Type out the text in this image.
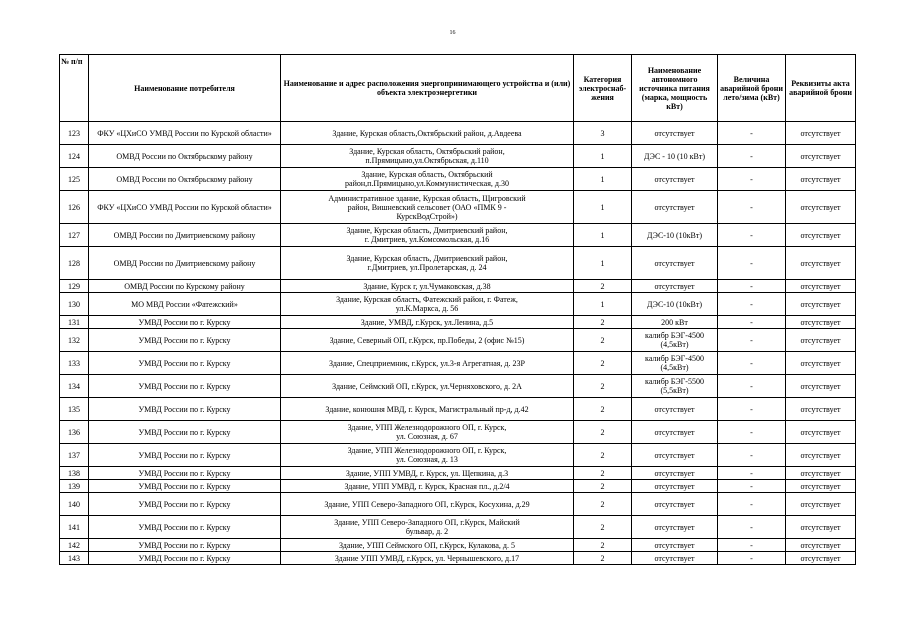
16
№ п/п	Наименование потребителя	Наименование и адрес расположения энергопринимающего устройства и (или) объекта электроэнергетики	Категория электроснаб-жения	Наименование автономного источника питания (марка, мощность кВт)	Величина аварийной брони лето/зима (кВт)	Реквизиты акта аварийной брони
123	ФКУ «ЦХиСО УМВД России по Курской области»	Здание, Курская область,Октябрьский район, д.Авдеева	3	отсутствует	-	отсутствует
124	ОМВД России по Октябрьскому району	Здание, Курская область, Октябрьский район,
п.Прямицыно,ул.Октябрьская, д.110	1	ДЭС - 10 (10 кВт)	-	отсутствует
125	ОМВД России по Октябрьскому району	Здание, Курская область, Октябрьский
район,п.Прямицыно,ул.Коммунистическая, д.30	1	отсутствует	-	отсутствует
126	ФКУ «ЦХиСО УМВД России по Курской области»	Административное здание, Курская область, Щигровский
район, Вишневский сельсовет (ОАО «ПМК 9 -
КурскВодСтрой»)	1	отсутствует	-	отсутствует
127	ОМВД России по Дмитриевскому району	Здание, Курская область, Дмитриевский район,
г. Дмитриев, ул.Комсомольская, д.16	1	ДЭС-10 (10кВт)	-	отсутствует
128	ОМВД России по Дмитриевскому району	Здание, Курская область, Дмитриевский район,
г.Дмитриев, ул.Пролетарская, д. 24	1	отсутствует	-	отсутствует
129	ОМВД России по Курскому району	Здание, Курск г, ул.Чумаковская, д.38	2	отсутствует	-	отсутствует
130	МО МВД России «Фатежский»	Здание, Курская область, Фатежский район, г. Фатеж,
ул.К.Маркса, д. 56	1	ДЭС-10 (10кВт)	-	отсутствует
131	УМВД России по г. Курску	Здание, УМВД, г.Курск, ул.Ленина, д.5	2	200 кВт	-	отсутствует
132	УМВД России по г. Курску	Здание, Северный ОП, г.Курск, пр.Победы, 2 (офис №15)	2	калибр БЭГ-4500
(4,5кВт)	-	отсутствует
133	УМВД России по г. Курску	Здание, Спецприемник, г.Курск, ул.3-я Агрегатная, д. 23Р	2	калибр БЭГ-4500
(4,5кВт)	-	отсутствует
134	УМВД России по г. Курску	Здание, Сеймский ОП, г.Курск, ул.Черняховского, д. 2А	2	калибр БЭГ-5500
(5,5кВт)	-	отсутствует
135	УМВД России по г. Курску	Здание, конюшня МВД, г. Курск, Магистральный пр-д, д.42	2	отсутствует	-	отсутствует
136	УМВД России по г. Курску	Здание, УПП Железнодорожного ОП, г. Курск,
ул. Союзная, д. 67	2	отсутствует	-	отсутствует
137	УМВД России по г. Курску	Здание, УПП Железнодорожного ОП, г. Курск,
ул. Союзная, д. 13	2	отсутствует	-	отсутствует
138	УМВД России по г. Курску	Здание, УПП УМВД, г. Курск, ул. Щепкина, д.3	2	отсутствует	-	отсутствует
139	УМВД России по г. Курску	Здание, УПП УМВД, г. Курск, Красная пл., д.2/4	2	отсутствует	-	отсутствует
140	УМВД России по г. Курску	Здание, УПП Северо-Западного ОП, г.Курск, Косухина, д.29	2	отсутствует	-	отсутствует
141	УМВД России по г. Курску	Здание, УПП Северо-Западного ОП, г.Курск, Майский
бульвар, д. 2	2	отсутствует	-	отсутствует
142	УМВД России по г. Курску	Здание, УПП Сеймского ОП, г.Курск, Кулакова, д. 5	2	отсутствует	-	отсутствует
143	УМВД России по г. Курску	Здание УПП УМВД, г.Курск, ул. Чернышевского, д.17	2	отсутствует	-	отсутствует
